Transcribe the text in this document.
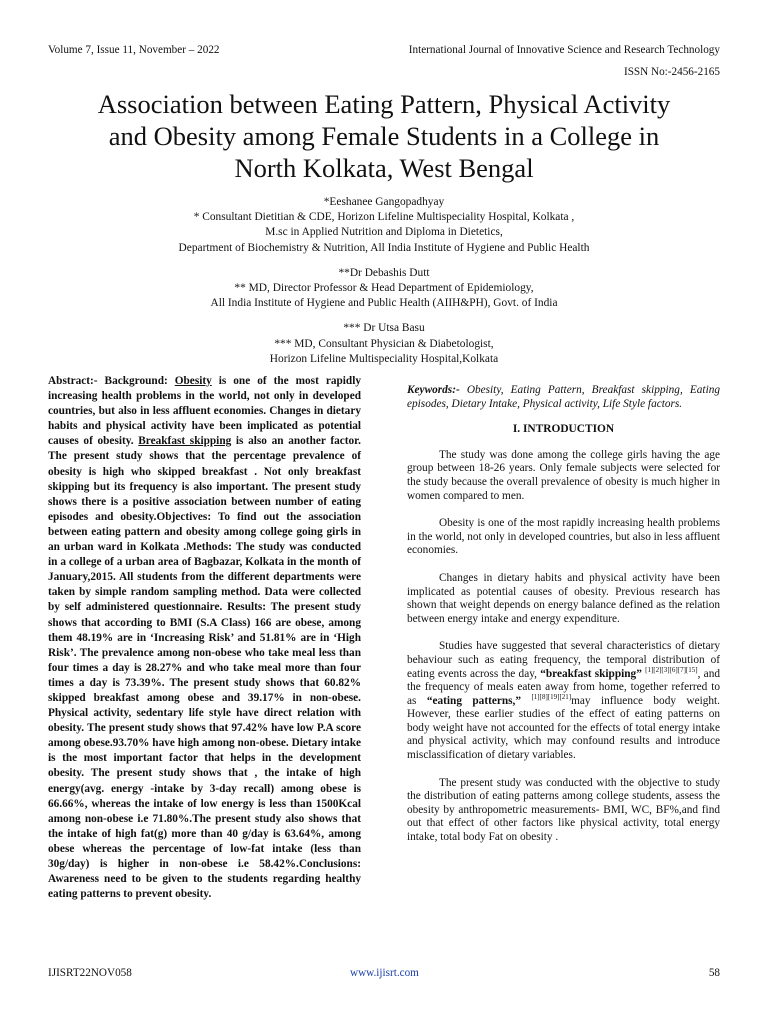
Volume 7, Issue 11, November – 2022	International Journal of Innovative Science and Research Technology
ISSN No:-2456-2165
Association between Eating Pattern, Physical Activity
and Obesity among Female Students in a College in
North Kolkata, West Bengal
*Eeshanee Gangopadhyay
* Consultant Dietitian & CDE, Horizon Lifeline Multispeciality Hospital, Kolkata ,
M.sc in Applied Nutrition and Diploma in Dietetics,
Department of Biochemistry & Nutrition, All India Institute of Hygiene and Public Health
**Dr Debashis Dutt
** MD, Director Professor & Head Department of Epidemiology,
All India Institute of Hygiene and Public Health (AIIH&PH), Govt. of India
*** Dr Utsa Basu
*** MD, Consultant Physician & Diabetologist,
Horizon Lifeline Multispeciality Hospital,Kolkata
Abstract:- Background: Obesity is one of the most rapidly increasing health problems in the world, not only in developed countries, but also in less affluent economies. Changes in dietary habits and physical activity have been implicated as potential causes of obesity. Breakfast skipping is also an another factor. The present study shows that the percentage prevalence of obesity is high who skipped breakfast . Not only breakfast skipping but its frequency is also important. The present study shows there is a positive association between number of eating episodes and obesity.Objectives: To find out the association between eating pattern and obesity among college going girls in an urban ward in Kolkata .Methods: The study was conducted in a college of a urban area of Bagbazar, Kolkata in the month of January,2015. All students from the different departments were taken by simple random sampling method. Data were collected by self administered questionnaire. Results: The present study shows that according to BMI (S.A Class) 166 are obese, among them 48.19% are in ‘Increasing Risk’ and 51.81% are in ‘High Risk’. The prevalence among non-obese who take meal less than four times a day is 28.27% and who take meal more than four times a day is 73.39%. The present study shows that 60.82% skipped breakfast among obese and 39.17% in non-obese. Physical activity, sedentary life style have direct relation with obesity. The present study shows that 97.42% have low P.A score among obese.93.70% have high among non-obese. Dietary intake is the most important factor that helps in the development obesity. The present study shows that , the intake of high energy(avg. energy -intake by 3-day recall) among obese is 66.66%, whereas the intake of low energy is less than 1500Kcal among non-obese i.e 71.80%.The present study also shows that the intake of high fat(g) more than 40 g/day is 63.64%, among obese whereas the percentage of low-fat intake (less than 30g/day) is higher in non-obese i.e 58.42%.Conclusions: Awareness need to be given to the students regarding healthy eating patterns to prevent obesity.

Keywords:- Obesity, Eating Pattern, Breakfast skipping, Eating episodes, Dietary Intake, Physical activity, Life Style factors.

I. INTRODUCTION

The study was done among the college girls having the age group between 18-26 years. Only female subjects were selected for the study because the overall prevalence of obesity is much higher in women compared to men.

Obesity is one of the most rapidly increasing health problems in the world, not only in developed countries, but also in less affluent economies.

Changes in dietary habits and physical activity have been implicated as potential causes of obesity. Previous research has shown that weight depends on energy balance defined as the relation between energy intake and energy expenditure.

Studies have suggested that several characteristics of dietary behaviour such as eating frequency, the temporal distribution of eating events across the day, “breakfast skipping” [1][2][3][6][7][15], and the frequency of meals eaten away from home, together referred to as “eating patterns,” [1][8][19][21]may influence body weight. However, these earlier studies of the effect of eating patterns on body weight have not accounted for the effects of total energy intake and physical activity, which may confound results and introduce misclassification of dietary variables.

The present study was conducted with the objective to study the distribution of eating patterns among college students, assess the obesity by anthropometric measurements- BMI, WC, BF%,and find out that effect of other factors like physical activity, total energy intake, total body Fat on obesity .

IJISRT22NOV058	www.ijisrt.com	58
